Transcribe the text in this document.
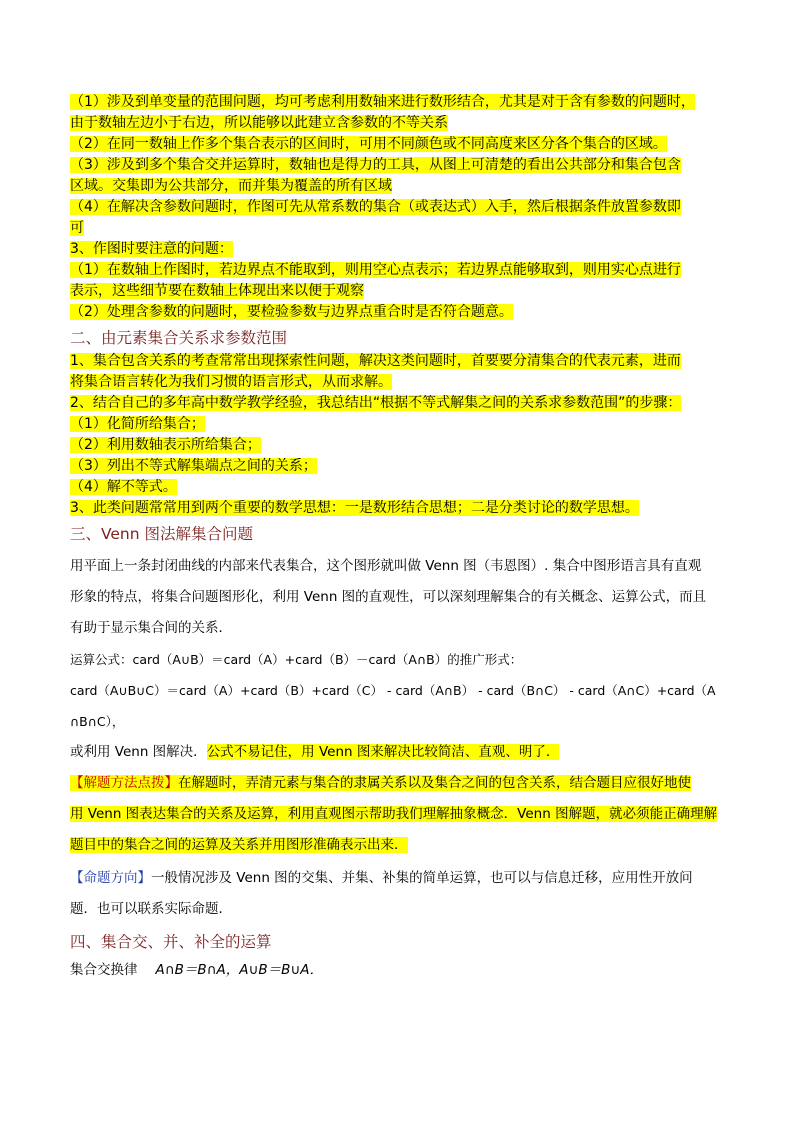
（1）涉及到单变量的范围问题，均可考虑利用数轴来进行数形结合，尤其是对于含有参数的问题时，
由于数轴左边小于右边，所以能够以此建立含参数的不等关系
（2）在同一数轴上作多个集合表示的区间时，可用不同颜色或不同高度来区分各个集合的区域。
（3）涉及到多个集合交并运算时，数轴也是得力的工具，从图上可清楚的看出公共部分和集合包含
区域。交集即为公共部分，而并集为覆盖的所有区域
（4）在解决含参数问题时，作图可先从常系数的集合（或表达式）入手，然后根据条件放置参数即
可
3、作图时要注意的问题：
（1）在数轴上作图时，若边界点不能取到，则用空心点表示；若边界点能够取到，则用实心点进行
表示，这些细节要在数轴上体现出来以便于观察
（2）处理含参数的问题时，要检验参数与边界点重合时是否符合题意。
二、由元素集合关系求参数范围
1、集合包含关系的考查常常出现探索性问题，解决这类问题时，首要要分清集合的代表元素，进而
将集合语言转化为我们习惯的语言形式，从而求解。
2、结合自己的多年高中数学教学经验，我总结出“根据不等式解集之间的关系求参数范围”的步骤：
（1）化简所给集合；
（2）利用数轴表示所给集合；
（3）列出不等式解集端点之间的关系；
（4）解不等式。
3、此类问题常常用到两个重要的数学思想：一是数形结合思想；二是分类讨论的数学思想。
三、Venn 图法解集合问题
用平面上一条封闭曲线的内部来代表集合，这个图形就叫做 Venn 图（韦恩图）. 集合中图形语言具有直观
形象的特点，将集合问题图形化，利用 Venn 图的直观性，可以深刻理解集合的有关概念、运算公式，而且
有助于显示集合间的关系．
运算公式：card（A∪B）＝card（A）+card（B）－card（A∩B）的推广形式：
card（A∪B∪C）＝card（A）+card（B）+card（C） - card（A∩B） - card（B∩C） - card（A∩C）+card（A
∩B∩C），
或利用 Venn 图解决．公式不易记住，用 Venn 图来解决比较简洁、直观、明了．
【解题方法点拨】在解题时，弄清元素与集合的隶属关系以及集合之间的包含关系，结合题目应很好地使
用 Venn 图表达集合的关系及运算，利用直观图示帮助我们理解抽象概念．Venn 图解题，就必须能正确理解
题目中的集合之间的运算及关系并用图形准确表示出来．
【命题方向】一般情况涉及 Venn 图的交集、并集、补集的简单运算，也可以与信息迁移，应用性开放问
题．也可以联系实际命题．
四、集合交、并、补全的运算
集合交换律 A∩B＝B∩A，A∪B＝B∪A．
